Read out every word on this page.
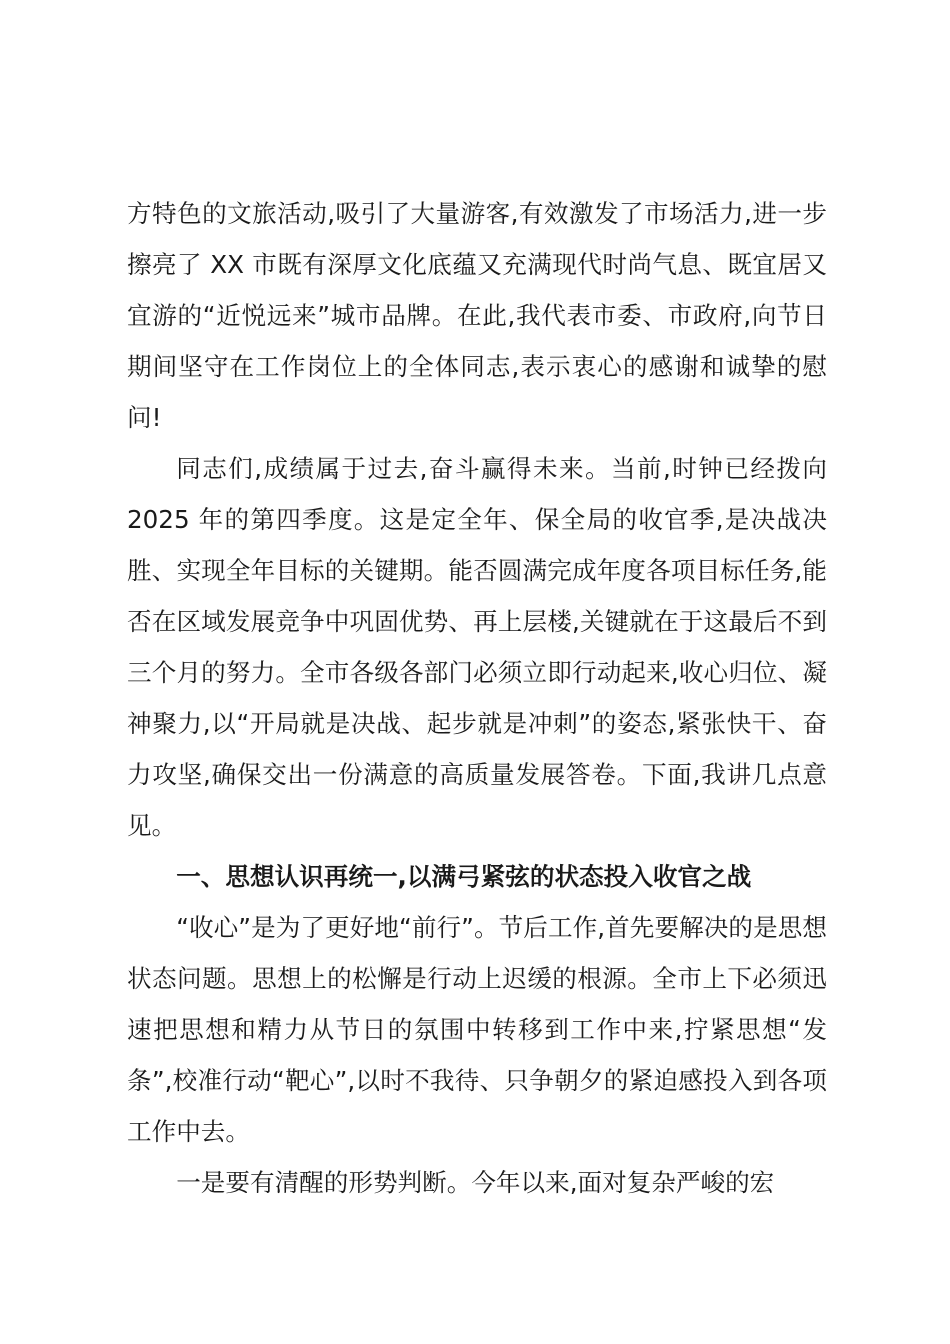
方特色的文旅活动,吸引了大量游客,有效激发了市场活力,进一步擦亮了 XX 市既有深厚文化底蕴又充满现代时尚气息、既宜居又宜游的“近悦远来”城市品牌。在此,我代表市委、市政府,向节日期间坚守在工作岗位上的全体同志,表示衷心的感谢和诚挚的慰问!

同志们,成绩属于过去,奋斗赢得未来。当前,时钟已经拨向 2025 年的第四季度。这是定全年、保全局的收官季,是决战决胜、实现全年目标的关键期。能否圆满完成年度各项目标任务,能否在区域发展竞争中巩固优势、再上层楼,关键就在于这最后不到三个月的努力。全市各级各部门必须立即行动起来,收心归位、凝神聚力,以“开局就是决战、起步就是冲刺”的姿态,紧张快干、奋力攻坚,确保交出一份满意的高质量发展答卷。下面,我讲几点意见。

一、思想认识再统一,以满弓紧弦的状态投入收官之战

“收心”是为了更好地“前行”。节后工作,首先要解决的是思想状态问题。思想上的松懈是行动上迟缓的根源。全市上下必须迅速把思想和精力从节日的氛围中转移到工作中来,拧紧思想“发条”,校准行动“靶心”,以时不我待、只争朝夕的紧迫感投入到各项工作中去。

一是要有清醒的形势判断。今年以来,面对复杂严峻的宏
